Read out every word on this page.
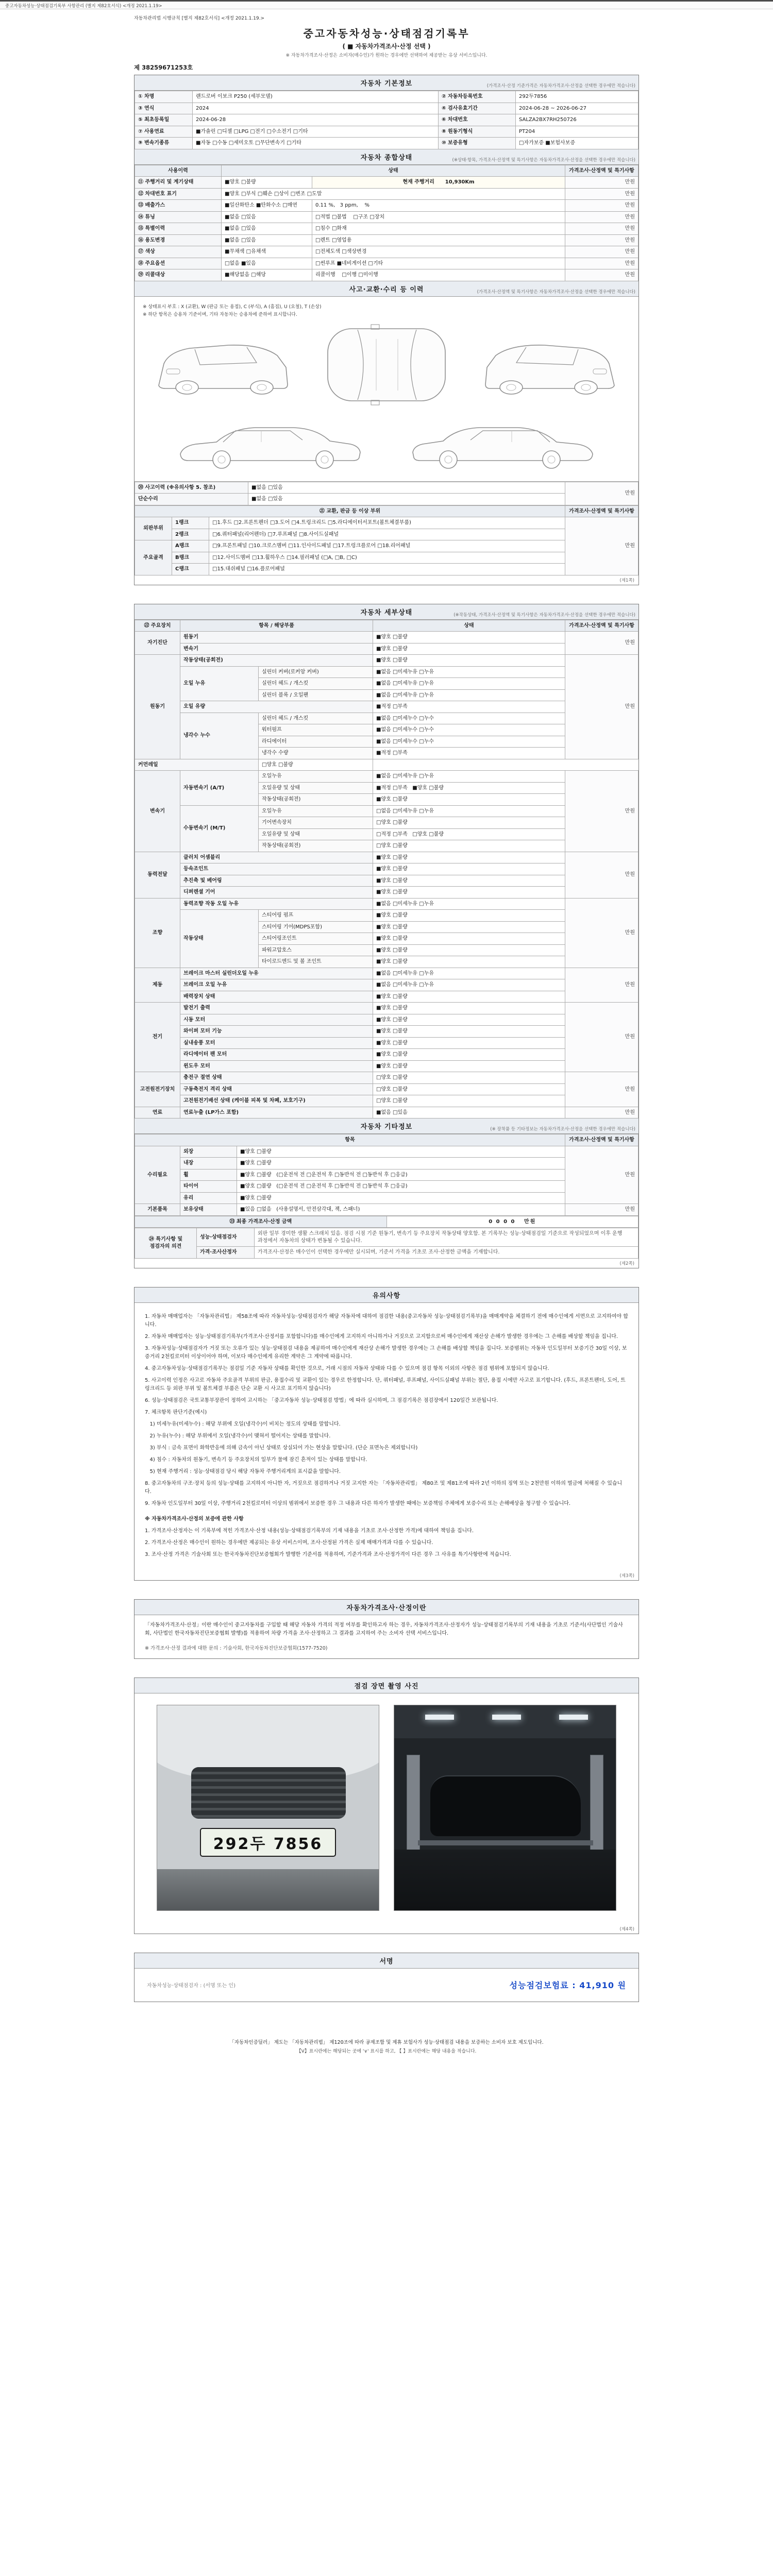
중고자동차성능·상태점검기록부 사항관리 (별지 제82호서식) <개정 2021.1.19>
자동차관리법 시행규칙 [별지 제82호서식] <개정 2021.1.19.>
중고자동차성능·상태점검기록부
( ■ 자동차가격조사·산정 선택 )
※ 자동차가격조사·산정은 소비자(매수인)가 원하는 경우에만 선택하여 제공받는 유상 서비스입니다.
제 38259671253호
자동차 기본정보	(가격조사·산정 기준가격은 자동차가격조사·산정을 선택한 경우에만 적습니다)
① 차명	랜드로버 이보크 P250 (세부모델)	② 자동차등록번호	292두7856
③ 연식	2024	④ 검사유효기간	2024-06-28 ~ 2026-06-27
⑤ 최초등록일	2024-06-28	⑥ 차대번호	SALZA2BX7RH250726
⑦ 사용연료	■가솔린 □디젤 □LPG □전기 □수소전기 □기타	⑧ 원동기형식	PT204
⑨ 변속기종류	■자동 □수동 □세미오토 □무단변속기 □기타	⑩ 보증유형	□자가보증 ■보험사보증
자동차 종합상태	(※상태·항목, 가격조사·산정액 및 특기사항은 자동차가격조사·산정을 선택한 경우에만 적습니다)
사용이력	상태		가격조사·산정액 및 특기사항
⑪ 주행거리 및 계기상태	■양호 □불량	현재 주행거리      10,930Km	만원
⑫ 차대번호 표기	■양호 □부식 □훼손 □상이 □변조 □도말		만원
⑬ 배출가스	■일산화탄소 ■탄화수소 □매연	0.11 %,   3 ppm,    %	만원
⑭ 튜닝	■없음 □있음	□적법 □불법    □구조 □장치	만원
⑮ 특별이력	■없음 □있음	□침수 □화재	만원
⑯ 용도변경	■없음 □있음	□렌트 □영업용	만원
⑰ 색상	■무채색 □유채색	□전체도색 □색상변경	만원
⑱ 주요옵션	□없음 ■있음	□썬루프 ■네비게이션 □기타	만원
⑲ 리콜대상	■해당없음 □해당	리콜이행    □이행 □미이행	만원
사고·교환·수리 등 이력	(가격조사·산정액 및 특기사항은 자동차가격조사·산정을 선택한 경우에만 적습니다)
※ 상태표시 부호 : X (교환), W (판금 또는 용접), C (부식), A (흠집), U (요철), T (손상)
※ 하단 항목은 승용차 기준이며, 기타 자동차는 승용차에 준하여 표시합니다.
⑳ 사고이력 (※유의사항 5. 참조)	■없음 □있음	만원
단순수리	■없음 □있음	
㉑ 교환, 판금 등 이상 부위			가격조사·산정액 및 특기사항
외판부위	1랭크	□1.후드 □2.프론트펜더 □3.도어 □4.트렁크리드 □5.라디에이터서포트(볼트체결부품)	만원
	2랭크	□6.쿼터패널(리어펜더) □7.루프패널 □8.사이드실패널	
주요골격	A랭크	□9.프론트패널 □10.크로스멤버 □11.인사이드패널 □17.트렁크플로어 □18.리어패널	
	B랭크	□12.사이드멤버 □13.휠하우스 □14.필러패널 (□A, □B, □C)	
	C랭크	□15.대쉬패널 □16.플로어패널	
(제1쪽)
자동차 세부상태	(※작동상태, 가격조사·산정액 및 특기사항은 자동차가격조사·산정을 선택한 경우에만 적습니다)
㉒ 주요장치	항목 / 해당부품		상태	가격조사·산정액 및 특기사항
자기진단	원동기		■양호 □불량	만원
	변속기		■양호 □불량	
원동기	작동상태(공회전)		■양호 □불량	만원
	오일 누유	실린더 커버(로커암 커버)	■없음 □미세누유 □누유	
		실린더 헤드 / 개스킷	■없음 □미세누유 □누유	
		실린더 블록 / 오일팬	■없음 □미세누유 □누유	
	오일 유량		■적정 □부족	
	냉각수 누수	실린더 헤드 / 개스킷	■없음 □미세누수 □누수	
		워터펌프	■없음 □미세누수 □누수	
		라디에이터	■없음 □미세누수 □누수	
		냉각수 수량	■적정 □부족	
커먼레일		□양호 □불량		
변속기	자동변속기 (A/T)	오일누유	■없음 □미세누유 □누유	만원
		오일유량 및 상태	■적정 □부족   ■양호 □불량	
		작동상태(공회전)	■양호 □불량	
	수동변속기 (M/T)	오일누유	□없음 □미세누유 □누유	
		기어변속장치	□양호 □불량	
		오일유량 및 상태	□적정 □부족   □양호 □불량	
		작동상태(공회전)	□양호 □불량	
동력전달	클러치 어셈블리		■양호 □불량	만원
	등속조인트		■양호 □불량	
	추진축 및 베어링		■양호 □불량	
	디퍼렌셜 기어		■양호 □불량	
조향	동력조향 작동 오일 누유		■없음 □미세누유 □누유	만원
	작동상태	스티어링 펌프	■양호 □불량	
		스티어링 기어(MDPS포함)	■양호 □불량	
		스티어링조인트	■양호 □불량	
		파워고압호스	■양호 □불량	
		타이로드엔드 및 볼 조인트	■양호 □불량	
제동	브레이크 마스터 실린더오일 누유		■없음 □미세누유 □누유	만원
	브레이크 오일 누유		■없음 □미세누유 □누유	
	배력장치 상태		■양호 □불량	
전기	발전기 출력		■양호 □불량	만원
	시동 모터		■양호 □불량	
	와이퍼 모터 기능		■양호 □불량	
	실내송풍 모터		■양호 □불량	
	라디에이터 팬 모터		■양호 □불량	
	윈도우 모터		■양호 □불량	
고전원전기장치	충전구 절연 상태		□양호 □불량	만원
	구동축전지 격리 상태		□양호 □불량	
	고전원전기배선 상태 (케이블 피복 및 차폐, 보호기구)		□양호 □불량	
연료	연료누출 (LP가스 포함)		■없음 □있음	만원
자동차 기타정보	(※ 장착품 등 기타정보는 자동차가격조사·산정을 선택한 경우에만 적습니다)
항목			가격조사·산정액 및 특기사항
수리필요	외장	■양호 □불량	만원
	내장	■양호 □불량	
	휠	■양호 □불량   (□운전석 전 □운전석 후 □동반석 전 □동반석 후 □응급)	
	타이어	■양호 □불량   (□운전석 전 □운전석 후 □동반석 전 □동반석 후 □응급)	
	유리	■양호 □불량	
기본품목	보유상태	■있음 □없음   (사용설명서, 안전삼각대, 잭, 스패너)	만원
㉓ 최종 가격조사·산정 금액	0 0 0 0   만원
㉔ 특기사항 및 점검자의 의견	성능·상태점검자	외판 일부 경미한 생활 스크래치 있음. 점검 시점 기준 원동기, 변속기 등 주요장치 작동상태 양호함. 본 기록부는 성능·상태점검일 기준으로 작성되었으며 이후 운행 과정에서 자동차의 상태가 변동될 수 있습니다.
	가격·조사산정자	가격조사·산정은 매수인이 선택한 경우에만 실시되며, 기준서 가격을 기초로 조사·산정한 금액을 기재합니다.
(제2쪽)
유의사항

1. 자동차 매매업자는 「자동차관리법」 제58조에 따라 자동차성능·상태점검자가 해당 자동차에 대하여 점검한 내용(중고자동차 성능·상태점검기록부)을 매매계약을 체결하기 전에 매수인에게 서면으로 고지하여야 합니다.

2. 자동차 매매업자는 성능·상태점검기록부(가격조사·산정서를 포함합니다)를 매수인에게 고지하지 아니하거나 거짓으로 고지함으로써 매수인에게 재산상 손해가 발생한 경우에는 그 손해를 배상할 책임을 집니다.

3. 자동차성능·상태점검자가 거짓 또는 오류가 있는 성능·상태점검 내용을 제공하여 매수인에게 재산상 손해가 발생한 경우에는 그 손해를 배상할 책임을 집니다. 보증범위는 자동차 인도일부터 보증기간 30일 이상, 보증거리 2천킬로미터 이상이어야 하며, 이보다 매수인에게 유리한 계약은 그 계약에 따릅니다.

4. 중고자동차성능·상태점검기록부는 점검일 기준 자동차 상태를 확인한 것으로, 거래 시점의 자동차 상태와 다를 수 있으며 점검 항목 이외의 사항은 점검 범위에 포함되지 않습니다.

5. 사고이력 인정은 사고로 자동차 주요골격 부위의 판금, 용접수리 및 교환이 있는 경우로 한정합니다. 단, 쿼터패널, 루프패널, 사이드실패널 부위는 절단, 용접 시에만 사고로 표기합니다. (후드, 프론트펜더, 도어, 트렁크리드 등 외판 부위 및 볼트체결 부품은 단순 교환 시 사고로 표기하지 않습니다)

6. 성능·상태점검은 국토교통부장관이 정하여 고시하는 「중고자동차 성능·상태점검 방법」에 따라 실시하며, 그 점검기록은 점검장에서 120일간 보관됩니다.

7. 체크항목 판단기준(예시)

1) 미세누유(미세누수) : 해당 부위에 오일(냉각수)이 비치는 정도의 상태를 말합니다.

2) 누유(누수) : 해당 부위에서 오일(냉각수)이 맺혀서 떨어지는 상태를 말합니다.

3) 부식 : 금속 표면이 화학반응에 의해 금속이 아닌 상태로 상실되어 가는 현상을 말합니다. (단순 표면녹은 제외합니다)

4) 침수 : 자동차의 원동기, 변속기 등 주요장치의 일부가 물에 잠긴 흔적이 있는 상태를 말합니다.

5) 현재 주행거리 : 성능·상태점검 당시 해당 자동차 주행거리계의 표시값을 말합니다.

8. 중고자동차의 구조·장치 등의 성능·상태를 고지하지 아니한 자, 거짓으로 점검하거나 거짓 고지한 자는 「자동차관리법」 제80조 및 제81조에 따라 2년 이하의 징역 또는 2천만원 이하의 벌금에 처해질 수 있습니다.

9. 자동차 인도일부터 30일 이상, 주행거리 2천킬로미터 이상의 범위에서 보증한 경우 그 내용과 다른 하자가 발생한 때에는 보증책임 주체에게 보증수리 또는 손해배상을 청구할 수 있습니다.

※ 자동차가격조사·산정의 보증에 관한 사항

1. 가격조사·산정자는 이 기록부에 적힌 가격조사·산정 내용(성능·상태점검기록부의 기재 내용을 기초로 조사·산정한 가격)에 대하여 책임을 집니다.

2. 가격조사·산정은 매수인이 원하는 경우에만 제공되는 유상 서비스이며, 조사·산정된 가격은 실제 매매가격과 다를 수 있습니다.

3. 조사·산정 가격은 기술사회 또는 한국자동차진단보증협회가 발행한 기준서를 적용하며, 기준가격과 조사·산정가격이 다른 경우 그 사유를 특기사항란에 적습니다.

(제3쪽)
자동차가격조사·산정이란
「자동차가격조사·산정」이란 매수인이 중고자동차를 구입할 때 해당 자동차 가격의 적정 여부를 확인하고자 하는 경우, 자동차가격조사·산정자가 성능·상태점검기록부의 기재 내용을 기초로 기준서(사단법인 기술사회, 사단법인 한국자동차진단보증협회 발행)를 적용하여 차량 가격을 조사·산정하고 그 결과를 고지하여 주는 소비자 선택 서비스입니다.
※ 가격조사·산정 결과에 대한 문의 : 기술사회, 한국자동차진단보증협회(1577-7520)
점검 장면 촬영 사진
292두 7856
(제4쪽)
서명
자동차성능·상태점검자 : (서명 또는 인)	성능점검보험료 : 41,910 원
「자동차인증딜러」 제도는 「자동차관리법」 제120조에 따라 공제조합 및 제휴 보험사가 성능·상태점검 내용을 보증하는 소비자 보호 제도입니다.
【V】표시란에는 해당되는 곳에 '∨' 표시를 하고, 【 】표시란에는 해당 내용을 적습니다.
